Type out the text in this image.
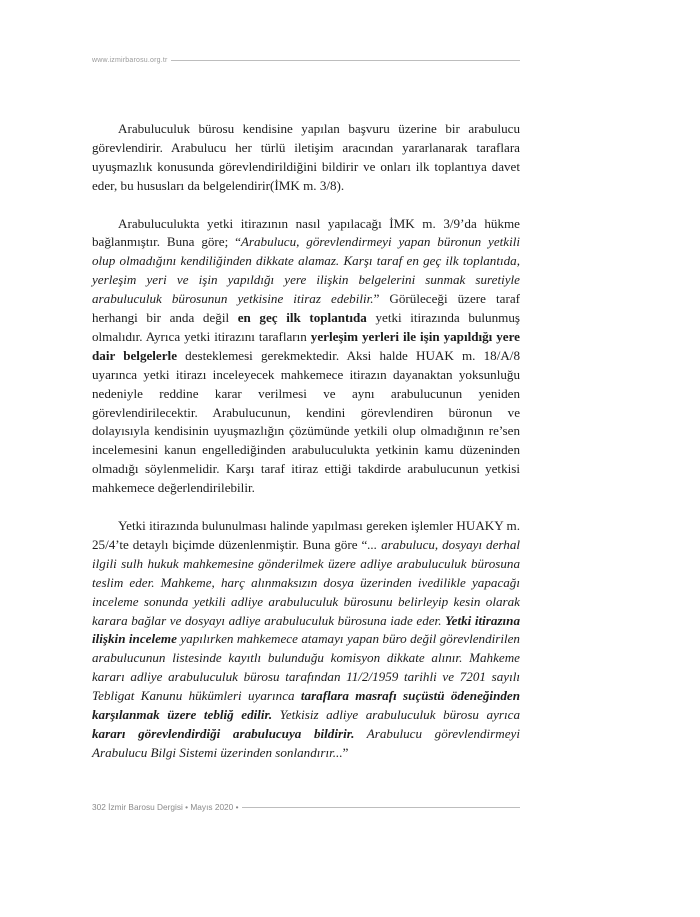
www.izmirbarosu.org.tr

Arabuluculuk bürosu kendisine yapılan başvuru üzerine bir arabulucu görevlendirir. Arabulucu her türlü iletişim aracından yararlanarak taraflara uyuşmazlık konusunda görevlendirildiğini bildirir ve onları ilk toplantıya davet eder, bu hususları da belgelendirir(İMK m. 3/8).

Arabuluculukta yetki itirazının nasıl yapılacağı İMK m. 3/9’da hükme bağlanmıştır. Buna göre; “Arabulucu, görevlendirmeyi yapan büronun yetkili olup olmadığını kendiliğinden dikkate alamaz. Karşı taraf en geç ilk toplantıda, yerleşim yeri ve işin yapıldığı yere ilişkin belgelerini sunmak suretiyle arabuluculuk bürosunun yetkisine itiraz edebilir.” Görüleceği üzere taraf herhangi bir anda değil en geç ilk toplantıda yetki itirazında bulunmuş olmalıdır. Ayrıca yetki itirazını tarafların yerleşim yerleri ile işin yapıldığı yere dair belgelerle desteklemesi gerekmektedir. Aksi halde HUAK m. 18/A/8 uyarınca yetki itirazı inceleyecek mahkemece itirazın dayanaktan yoksunluğu nedeniyle reddine karar verilmesi ve aynı arabulucunun yeniden görevlendirilecektir. Arabulucunun, kendini görevlendiren büronun ve dolayısıyla kendisinin uyuşmazlığın çözümünde yetkili olup olmadığının re’sen incelemesini kanun engellediğinden arabuluculukta yetkinin kamu düzeninden olmadığı söylenmelidir. Karşı taraf itiraz ettiği takdirde arabulucunun yetkisi mahkemece değerlendirilebilir.

Yetki itirazında bulunulması halinde yapılması gereken işlemler HUAKY m. 25/4’te detaylı biçimde düzenlenmiştir. Buna göre “... arabulucu, dosyayı derhal ilgili sulh hukuk mahkemesine gönderilmek üzere adliye arabuluculuk bürosuna teslim eder. Mahkeme, harç alınmaksızın dosya üzerinden ivedilikle yapacağı inceleme sonunda yetkili adliye arabuluculuk bürosunu belirleyip kesin olarak karara bağlar ve dosyayı adliye arabuluculuk bürosuna iade eder. Yetki itirazına ilişkin inceleme yapılırken mahkemece atamayı yapan büro değil görevlendirilen arabulucunun listesinde kayıtlı bulunduğu komisyon dikkate alınır. Mahkeme kararı adliye arabuluculuk bürosu tarafından 11/2/1959 tarihli ve 7201 sayılı Tebligat Kanunu hükümleri uyarınca taraflara masrafı suçüstü ödeneğinden karşılanmak üzere tebliğ edilir. Yetkisiz adliye arabuluculuk bürosu ayrıca kararı görevlendirdiği arabulucuya bildirir. Arabulucu görevlendirmeyi Arabulucu Bilgi Sistemi üzerinden sonlandırır...”

302 İzmir Barosu Dergisi • Mayıs 2020 •
